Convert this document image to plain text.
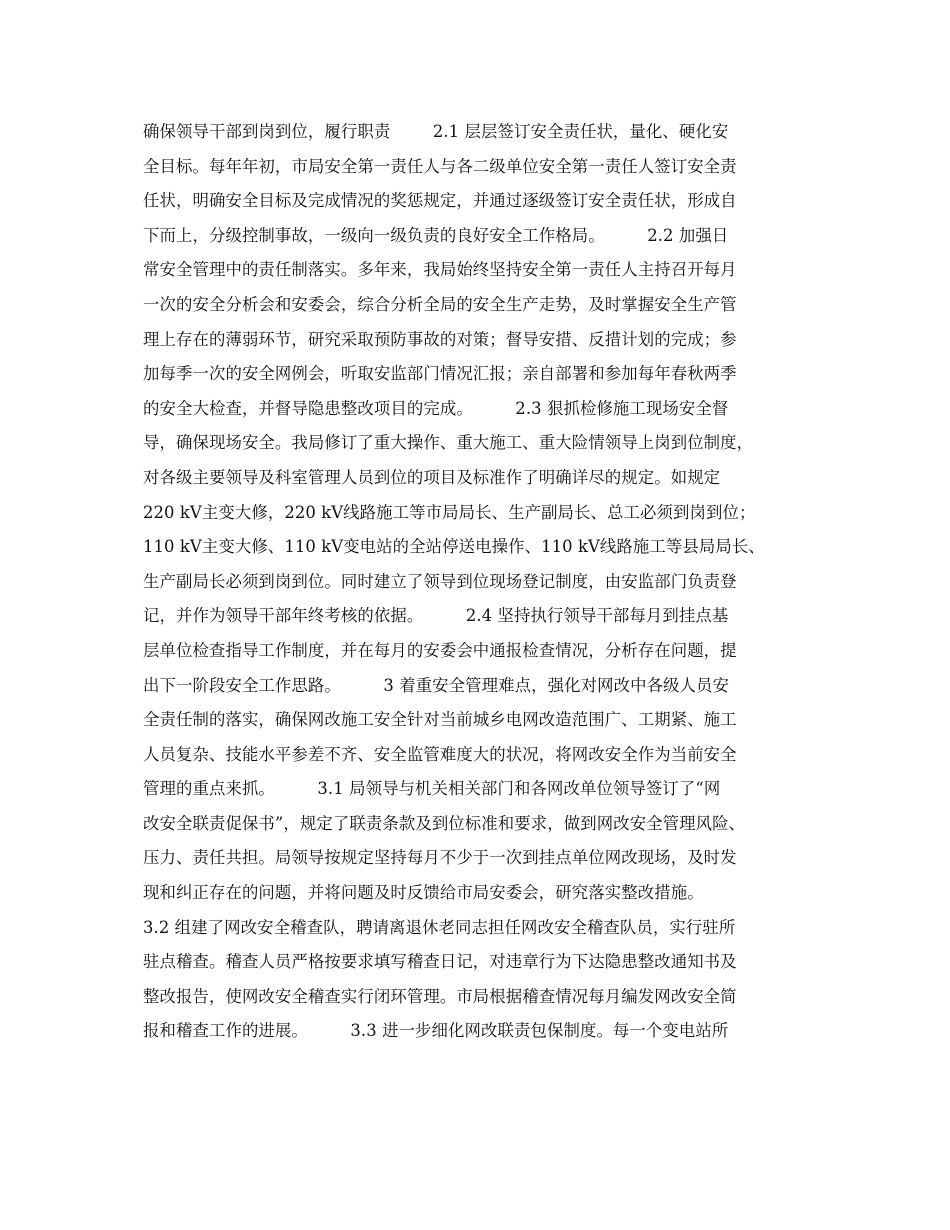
确保领导干部到岗到位，履行职责        2.1 层层签订安全责任状，量化、硬化安
全目标。每年年初，市局安全第一责任人与各二级单位安全第一责任人签订安全责
任状，明确安全目标及完成情况的奖惩规定，并通过逐级签订安全责任状，形成自
下而上，分级控制事故，一级向一级负责的良好安全工作格局。        2.2 加强日
常安全管理中的责任制落实。多年来，我局始终坚持安全第一责任人主持召开每月
一次的安全分析会和安委会，综合分析全局的安全生产走势，及时掌握安全生产管
理上存在的薄弱环节，研究采取预防事故的对策；督导安措、反措计划的完成；参
加每季一次的安全网例会，听取安监部门情况汇报；亲自部署和参加每年春秋两季
的安全大检查，并督导隐患整改项目的完成。        2.3 狠抓检修施工现场安全督
导，确保现场安全。我局修订了重大操作、重大施工、重大险情领导上岗到位制度，
对各级主要领导及科室管理人员到位的项目及标准作了明确详尽的规定。如规定
220 kV主变大修，220 kV线路施工等市局局长、生产副局长、总工必须到岗到位；
110 kV主变大修、110 kV变电站的全站停送电操作、110 kV线路施工等县局局长、
生产副局长必须到岗到位。同时建立了领导到位现场登记制度，由安监部门负责登
记，并作为领导干部年终考核的依据。        2.4 坚持执行领导干部每月到挂点基
层单位检查指导工作制度，并在每月的安委会中通报检查情况，分析存在问题，提
出下一阶段安全工作思路。        3 着重安全管理难点，强化对网改中各级人员安
全责任制的落实，确保网改施工安全针对当前城乡电网改造范围广、工期紧、施工
人员复杂、技能水平参差不齐、安全监管难度大的状况，将网改安全作为当前安全
管理的重点来抓。        3.1 局领导与机关相关部门和各网改单位领导签订了“网
改安全联责促保书”，规定了联责条款及到位标准和要求，做到网改安全管理风险、
压力、责任共担。局领导按规定坚持每月不少于一次到挂点单位网改现场，及时发
现和纠正存在的问题，并将问题及时反馈给市局安委会，研究落实整改措施。
3.2 组建了网改安全稽查队，聘请离退休老同志担任网改安全稽查队员，实行驻所
驻点稽查。稽查人员严格按要求填写稽查日记，对违章行为下达隐患整改通知书及
整改报告，使网改安全稽查实行闭环管理。市局根据稽查情况每月编发网改安全简
报和稽查工作的进展。        3.3 进一步细化网改联责包保制度。每一个变电站所
